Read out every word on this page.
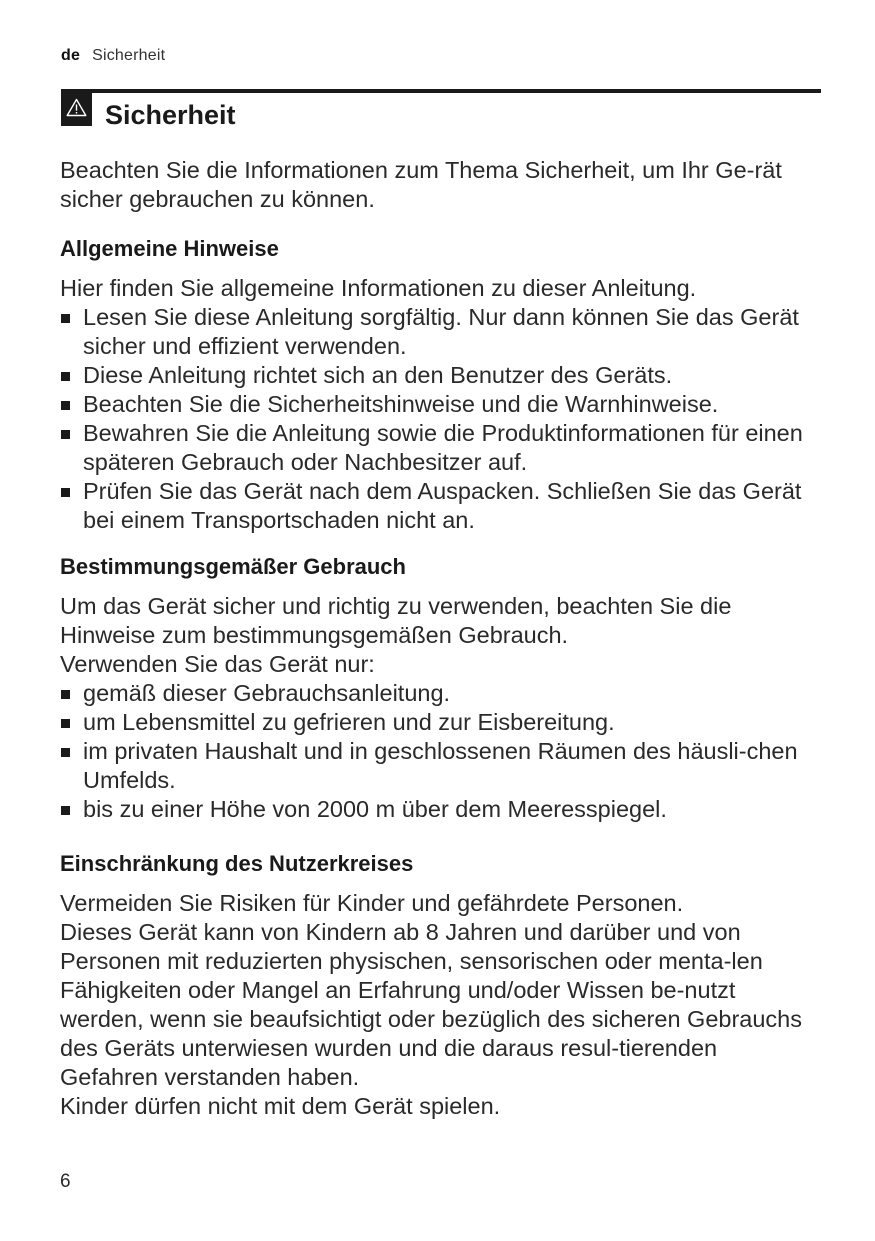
de Sicherheit
Sicherheit

Beachten Sie die Informationen zum Thema Sicherheit, um Ihr Ge-rät sicher gebrauchen zu können.

Allgemeine Hinweise

Hier finden Sie allgemeine Informationen zu dieser Anleitung.

Lesen Sie diese Anleitung sorgfältig. Nur dann können Sie das Gerät sicher und effizient verwenden.
Diese Anleitung richtet sich an den Benutzer des Geräts.
Beachten Sie die Sicherheitshinweise und die Warnhinweise.
Bewahren Sie die Anleitung sowie die Produktinformationen für einen späteren Gebrauch oder Nachbesitzer auf.
Prüfen Sie das Gerät nach dem Auspacken. Schließen Sie das Gerät bei einem Transportschaden nicht an.
Bestimmungsgemäßer Gebrauch

Um das Gerät sicher und richtig zu verwenden, beachten Sie die Hinweise zum bestimmungsgemäßen Gebrauch.

Verwenden Sie das Gerät nur:

gemäß dieser Gebrauchsanleitung.
um Lebensmittel zu gefrieren und zur Eisbereitung.
im privaten Haushalt und in geschlossenen Räumen des häusli-chen Umfelds.
bis zu einer Höhe von 2000 m über dem Meeresspiegel.
Einschränkung des Nutzerkreises

Vermeiden Sie Risiken für Kinder und gefährdete Personen.

Dieses Gerät kann von Kindern ab 8 Jahren und darüber und von Personen mit reduzierten physischen, sensorischen oder menta-len Fähigkeiten oder Mangel an Erfahrung und/oder Wissen be-nutzt werden, wenn sie beaufsichtigt oder bezüglich des sicheren Gebrauchs des Geräts unterwiesen wurden und die daraus resul-tierenden Gefahren verstanden haben.

Kinder dürfen nicht mit dem Gerät spielen.

6
